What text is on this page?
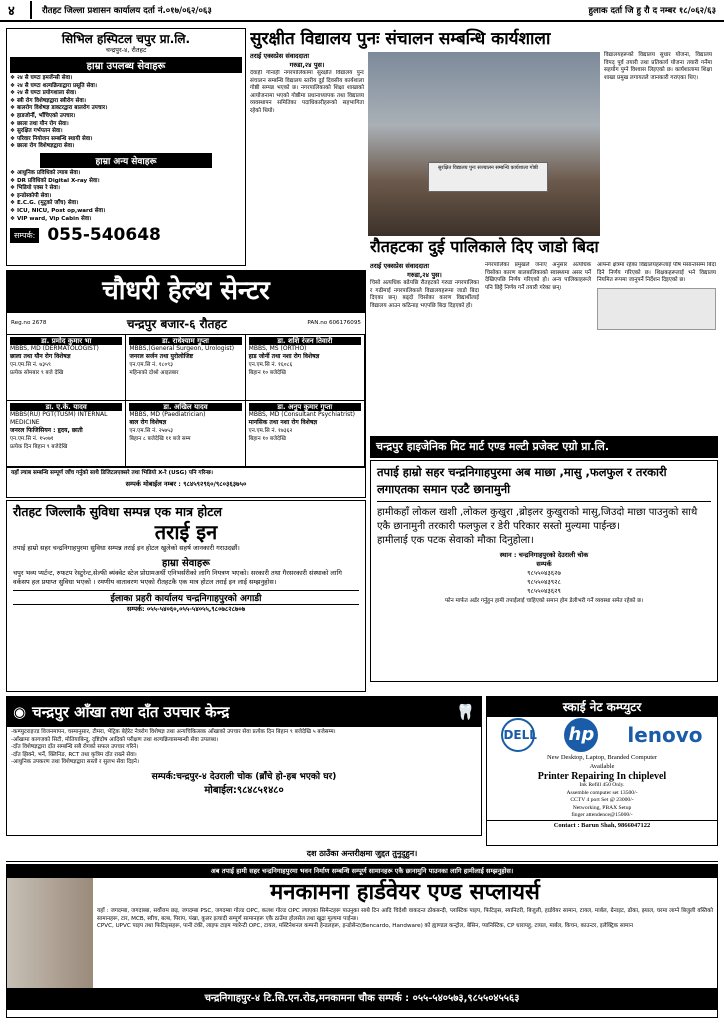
४	रौतहट जिल्ला प्रशासन कार्यालय दर्ता नं.०१७/०६२/०६३	हुलाक दर्ता जि हु रौ द नम्बर १८/०६२/६३
सिभिल हस्पिटल चपुर प्रा.लि.
चन्द्रपुर-४, रौतहट
हाम्रा उपलब्ध सेवाहरू
❖ २४ सै घण्टा इमर्जेन्सी सेवा।
❖ २४ सै घण्टा शल्यक्रियाद्वारा प्रसूति सेवा।
❖ २४ सै घण्टा प्रयोगशाला सेवा।
❖ स्त्री रोग विशेषज्ञद्वारा स्त्रीरोग सेवा।
❖ बालरोग विशेषज्ञ डाक्टरद्वारा बालरोग उपचार।
❖ हाडजोर्नी, भाँचिएको उपचार।
❖ छाला तथा यौन रोग सेवा।
❖ सुरक्षित गर्भपतन सेवा।
❖ परिवार नियोजन सम्बन्धि स्थायी सेवा।
❖ छाला रोग विशेषज्ञद्वारा सेवा।
हाम्रा अन्य सेवाहरू
❖ आधुनिक प्रविधिको ल्याब सेवा।
❖ DR प्रविधिको Digital X-ray सेवा।
❖ भिडियो एक्स रे सेवा।
❖ इन्डोस्कोपी सेवा।
❖ E.C.G. (मुटुको जाँच) सेवा।
❖ ICU, NICU, Post op,ward सेवा।
❖ VIP ward, Vip Cabin सेवा।
सम्पर्क: 055-540648
सुरक्षीत विद्यालय पुनः संचालन सम्बन्धि कार्यशाला
तराई एक्सप्रेस संवाददाता
गरुडा,२४ पुस।
देवाही गोनाही नगरपालिकामा सुरक्षीत विद्यालय पुनः संचालन सम्बन्धि विद्यालय स्तरीय दुई दिवसीय कार्यशाला गोष्ठी सम्पन्न भएको छ। नगरपालिकाको शिक्षा शाखाको आयोजनामा भएको गोष्ठीमा प्रधानाध्यापक तथा विद्यालय व्यवस्थापन समितिका पदाधिकारीहरूको सहभागिता रहेको थियो।
सुरक्षित विद्यालय पुनः सञ्चालन सम्बन्धि कार्यशाला गोष्ठी
विद्यालयहरूको विद्यालय सुधार योजना, विद्यालय विपद् पूर्व तयारी तथा प्रतिकार्य योजना तयारी गर्नेमा सहयोग पुग्ने विश्वास लिइएको छ। कार्यशालामा शिक्षा शाखा प्रमुख लगायतले जानकारी गराएका थिए।
रौतहटका दुई पालिकाले दिए जाडो बिदा
तराई एक्सप्रेस संवाददाता
गरुडा,२४ पुस।
चिसो अत्यधिक बढेपछि रौतहटको गरुडा नगरपालिका र गढीमाई नगरपालिकाले विद्यालयहरूमा जाडो बिदा दिएका छन्। बढ्दो चिसोका कारण विद्यार्थीलाई विद्यालय आउन कठिनाइ भएपछि बिदा दिइएको हो।
नगरपालिका प्रमुखले जनाए अनुसार अत्यधिक चिसोका कारण बालबालिकाको स्वास्थ्यमा असर पर्ने देखिएपछि निर्णय गरिएको हो। अन्य पालिकाहरूले पनि छिट्टै निर्णय गर्ने तयारी गरेका छन्।
आफ्नो क्षेत्रमा रहेका विद्यालयहरूलाई पौष मसान्तसम्म बिदा दिने निर्णय गरिएको छ। शिक्षकहरूलाई भने विद्यालय नियमित रूपमा जानुपर्ने निर्देशन दिइएको छ।
चौधरी हेल्थ सेन्टर
Reg.no 2678	चन्द्रपुर बजार-६ रौतहट	PAN.no 606176095
डा. प्रमोद कुमार भा
MBBS, MD (DERMATOLOGIST)
छाला तथा यौन रोग विशेषज्ञ
एन.एम.सि नं. ७३५९
प्रत्येक सोमबार ९ बजे देखि
डा. राधेश्याम गुप्ता
MBBS,(General Surgeon, Urologist)
जनरल सर्जन तथा युरोलोजिष्ट
एन.एम.सि नं. १८०९३
महिनाको दोश्रो आइतबार
डा. शशि रंजन तिवारी
MBBS, MS (ORTHO)
हाड जोर्नी तथा नशा रोग विशेषज्ञ
एन.एम.सि नं. १६०८६
बिहान १० बजेदेखि
डा. ए.के. यादव
MBBS(RU) PGT(TUSM) INTERNAL MEDICINE
जनरल फिजिसियन : हृदय, छाती
एन.एम.सि नं. १५०७१
प्रत्येक दिन बिहान ९ बजेदेखि
डा. अखिल यादव
MBBS, MD (Paediatrician)
बाल रोग विशेषज्ञ
एन.एम.सि नं. २५७५३
बिहान ८ बजेदेखि ११ बजे सम्म
डा. अनुप कुमार गुप्ता
MBBS, MD (Consultant Psychiatrist)
मानसिक तथा नशा रोग विशेषज्ञ
एन.एम.सि नं. १७३६२
बिहान १० बजेदेखि
यहाँ ल्याब सम्बन्धि सम्पूर्ण जाँच गर्नुको साथै डिजिटलएक्सरे तथा भिडियो X-रे (USG) पनि गरिन्छ।
सम्पर्क मोबाईल नम्बर : ९८४५९२९६०/९८०३६३७५०
चन्द्रपुर हाइजेनिक मिट मार्ट एण्ड मल्टी प्रजेक्ट एग्रो प्रा.लि.
तपाई हाम्रो सहर चन्द्रनिगाहपुरमा अब माछा ,मासु ,फलफुल र तरकारी लगाएतका समान एउटै छानामुनी
हामीकहाँ लोकल खशी ,लोकल कुखुरा ,ब्रोइलर कुखुराको मासु,जिउदो माछा पाउनुको साथै एकै छानामुनी तरकारी फलफुल र डेरी परिकार सस्तो मुल्यमा पाईन्छ।
हामीलाई एक पटक सेवाको मौका दिनुहोला।
स्थान : चन्द्रनिगाहपुरको देउराली चोक
सम्पर्क
९८५५०४३६२७
९८५५०४३९२८
९८५५०४३६२९
फोन मार्फत अर्डर गर्नुहुन हामी तपाईंलाई चाहिएको समान होम डेलीभरी गर्ने व्यवस्था समेत रहेको छ।
रौतहट जिल्लाकै सुविधा सम्पन्न एक मात्र होटल
तराई इन
तपाई हाम्रो सहर चन्द्रनिगाहपुरमा सुविधा सम्पन्न तराई इन होटल खुलेको सहर्ष जानकारी गराउदछौं।
हाम्रा सेवाहरू
चपुर भव्य प्यर्टन्ट, रुफटप रेस्टुरेन्ट,सेल्फी ब्यंक्वेट स्टेज प्रोग्रामअर्थी एनिभर्सरीको लागि नियत्रण भएको। सरकारी तथा गैरसरकारी संस्थाको लागि वर्कसप हल प्रयाप्त सुविधा भएको । रमणीय वातावरण भएको रौतहटकै एक मात्र होटल तराई इन लाई सम्झनुहोस।
ईलाका प्रहरी कार्यालय चन्द्रनिगाहपुरको अगाडी
सम्पर्क: ०५५-५४०६०,०५५-५४०५५,९८०७८२८७०७
◉ चन्द्रपुर आँखा तथा दाँत उपचार केन्द्र	🦷
-कम्प्युटराइज्ड विजनमापन, चस्मानुसार, टीमरा, भेट्रिक बेहेरेट नेत्ररोग विशेषज्ञ तथा अन्यचिकित्सक आँखाको उपचार सेवा प्रत्येक दिन बिहान ९ बजेदेखि ५ बजेसम्म।
-आँखामा कागजको सिटी, मोतियाबिन्दु, दृष्टिदोष आदिको परीक्षण तथा शल्यक्रियासम्बन्धी सेवा उपलब्ध।
-दाँत विशेषज्ञद्वारा दाँत सम्बन्धि सबै रोगको सफल उपचार गरिने।
-दाँत झिक्ने, भर्ने, क्लिनिङ, RCT तथा कृत्रिम दाँत राख्ने सेवा।
-आधुनिक उपकरण तथा विशेषज्ञद्वारा सस्तो र सुलभ सेवा दिइने।
सम्पर्क:चन्द्रपुर-४ देउराली चोक (ब्राँचे हो-हब भएको घर)
मोबाईल:९८४८५१४८०
स्काई नेट कम्प्युटर
DELL hp lenovo
New Desktop, Laptop, Branded Computer
Available
Printer Repairing In chiplevel
Ink Refill 450 Only.
Assemble computer set 13500/-
CCTV 4 port Set @ 23000/-
Networking, PBAX Setup
finger attendence@15000/-
Contact : Barun Shah, 9866047122
दश ठाउँका अन्तरीक्षमा जुद्दत तुनुदुहुन।
अब तपाई हामी सहर चन्द्रनिगाहपुरमा भवन निर्माण सम्बन्धि सम्पूर्ण सामानहरू एकै छानामुनि पाउनका लागि हामीलाई सम्झनुहोस।
मनकामना हार्डवेयर एण्ड सप्लायर्स
यहाँ : जगदम्बा, जगदाब्बा, सर्वोत्तम छड़, जगदम्बा PSC, जगदम्बा गोल्ड OPC, कलश गोल्ड OPC ल्याएका सिमेन्टहरू पाउनुका साथै टिन आदि चिदेशी वाकदन्त ठोकबन्दी, प्लास्टिक पाइप, फिटिङ्स, स्यानिटरी, बिजुली, हार्डवेयर सामान, टायल, मार्बल, ग्रेनाइट, ढोका, झ्याल, घरमा लाग्ने बिजुली वस्तिको सामानहरू, टार, MCB, स्वीच, बल्ब, पिराप, पंखा, कुलर इत्यादी सम्पूर्ण सामानहरू एकै ठाउँमा होलसेल तथा खुद्रा मूल्यमा पाईन्छ।
CPVC, UPVC पाइप तथा फिटिङ्सहरू, पानी टंकी, लाइफ टाइम ग्यारेन्टी OPC, टायल, मस्टिनेशनल कम्पनी हेन्डलहरू, इन्डोसेन्ट(Bencardo, Handware) को ह्याण्डल कन्ट्रोल, बेसिन, प्यानिस्टिक, CP धारापहु, टायल, मार्बल, किचन, काउन्टर, इलेक्ट्रिक सामान
चन्द्रनिगाहपुर-४ टि.सि.एन.रोड,मनकामना चौक सम्पर्क : ०५५-५४०५७३,९८५५०४५५६३
